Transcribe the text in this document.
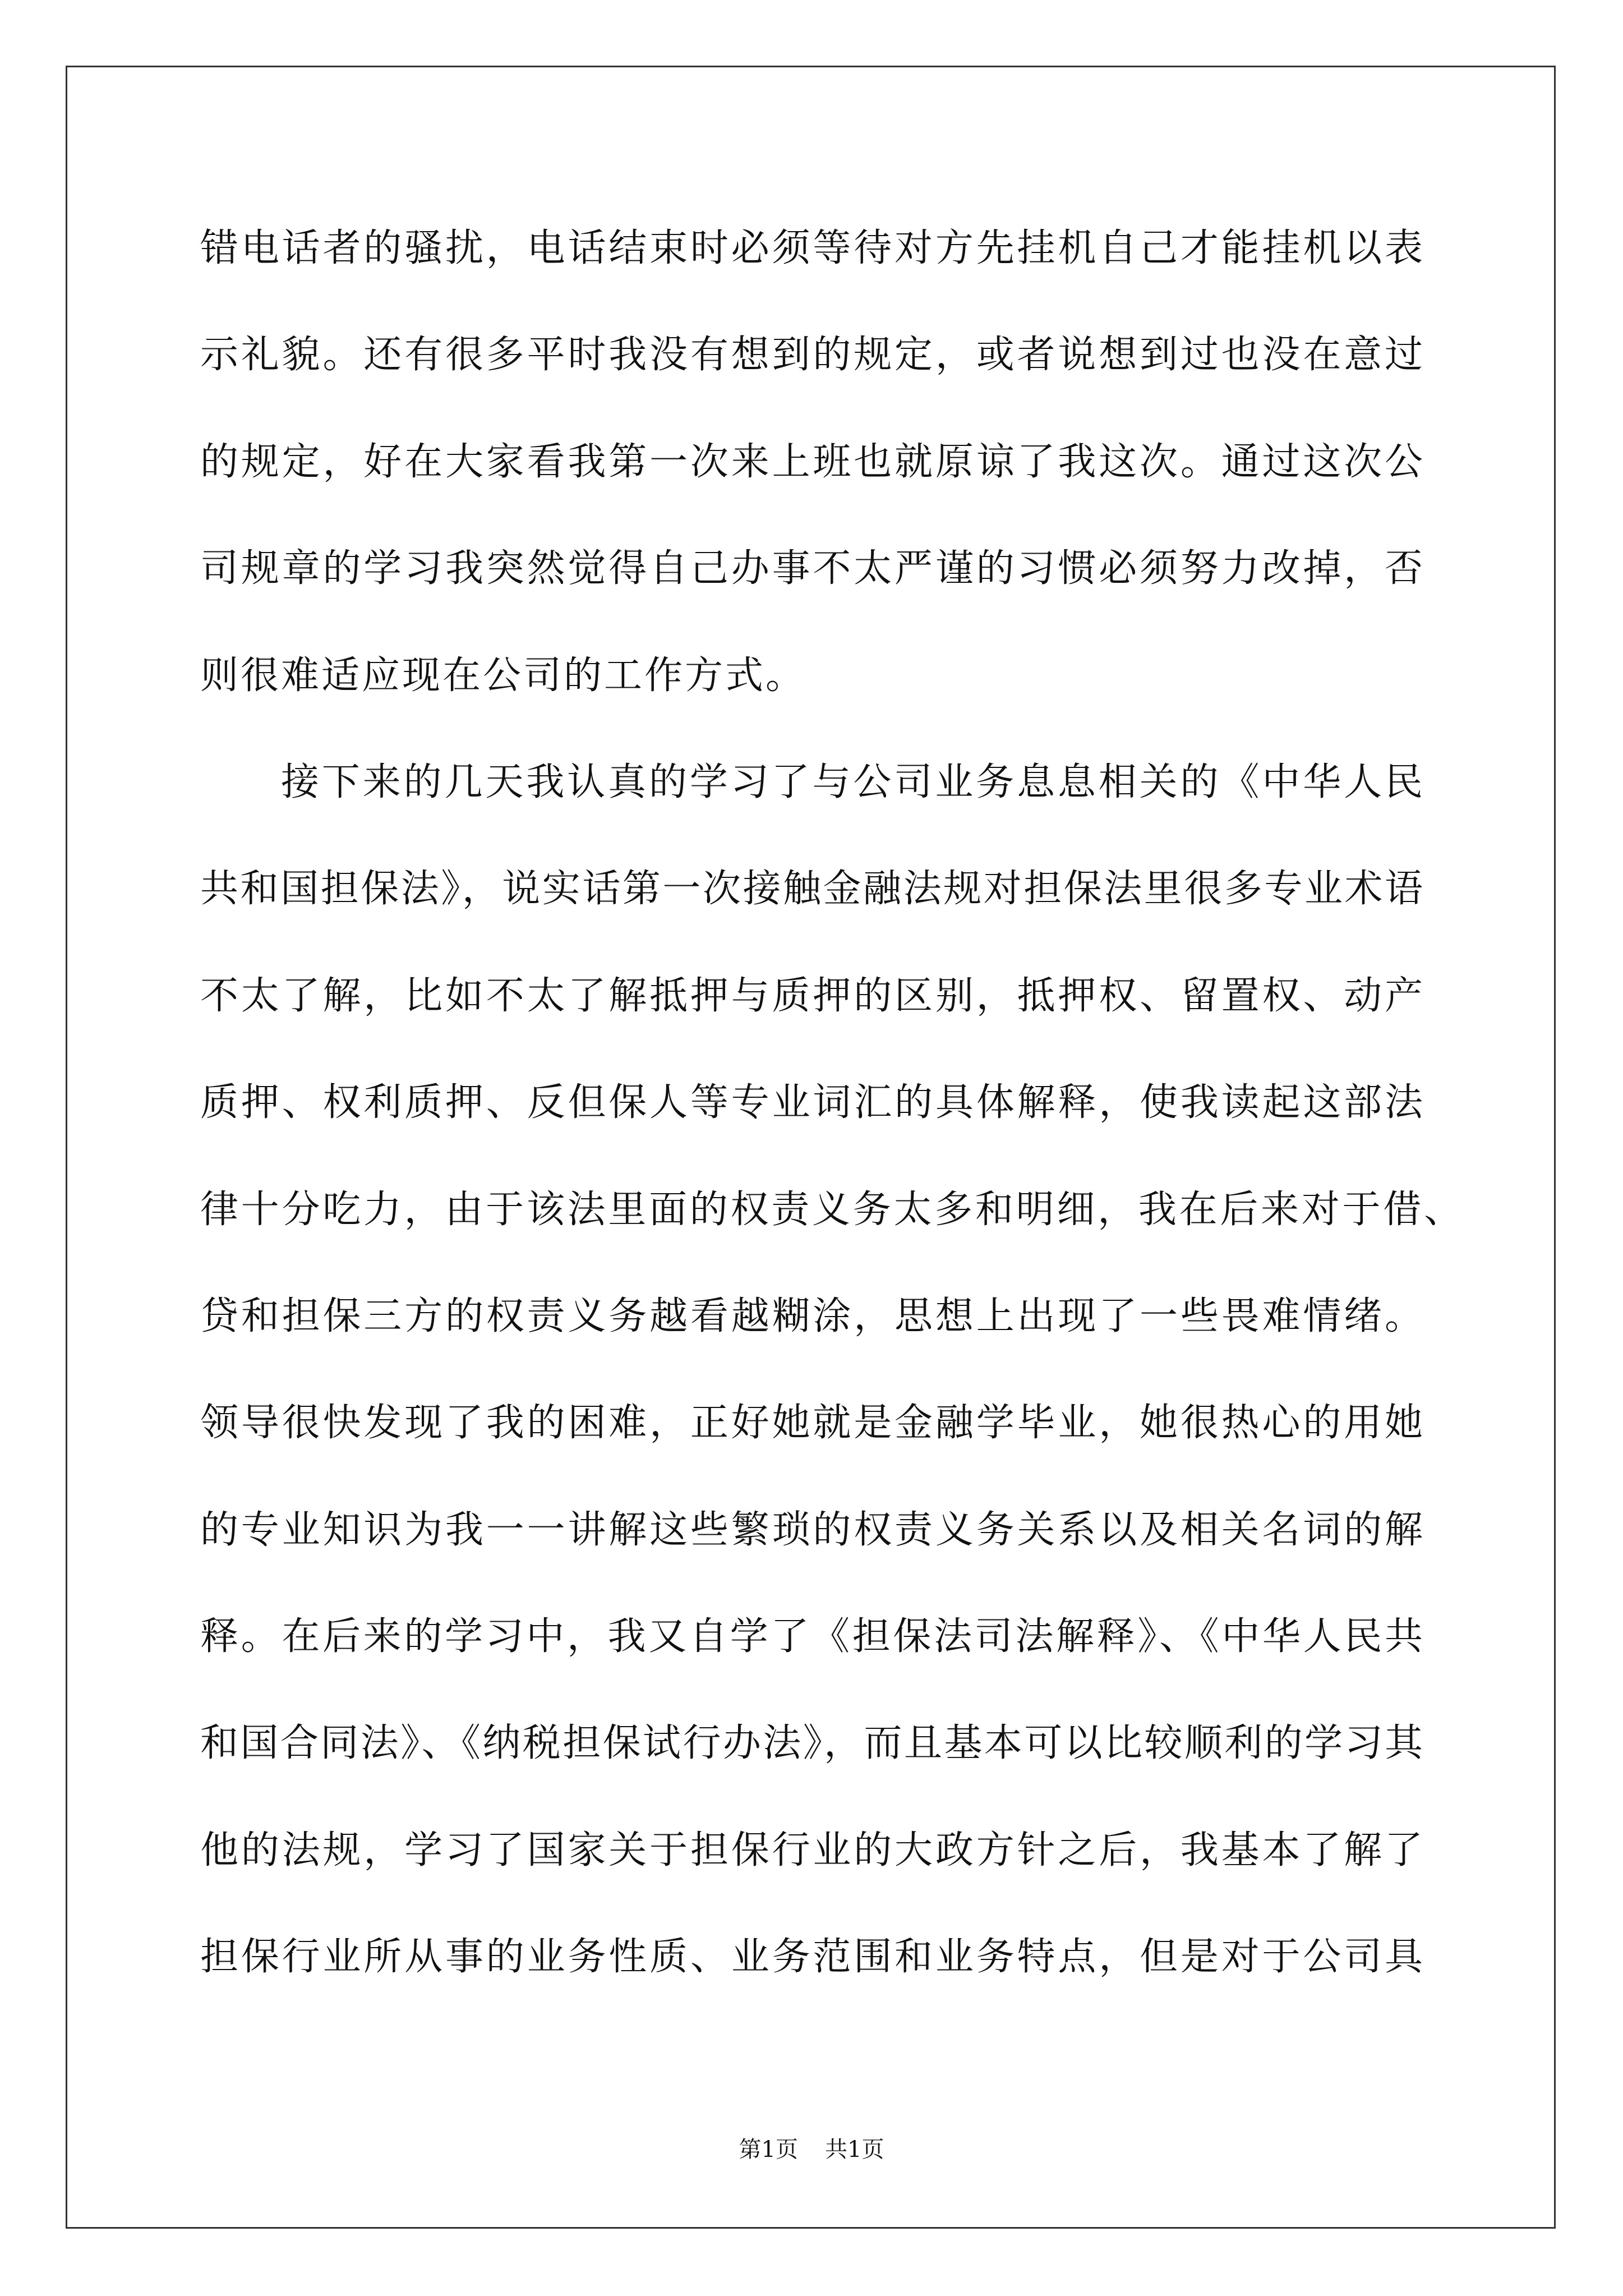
错电话者的骚扰，电话结束时必须等待对方先挂机自己才能挂机以表
示礼貌。还有很多平时我没有想到的规定，或者说想到过也没在意过
的规定，好在大家看我第一次来上班也就原谅了我这次。通过这次公
司规章的学习我突然觉得自己办事不太严谨的习惯必须努力改掉，否
则很难适应现在公司的工作方式。
接下来的几天我认真的学习了与公司业务息息相关的《中华人民
共和国担保法》，说实话第一次接触金融法规对担保法里很多专业术语
不太了解，比如不太了解抵押与质押的区别，抵押权、留置权、动产
质押、权利质押、反但保人等专业词汇的具体解释，使我读起这部法
律十分吃力，由于该法里面的权责义务太多和明细，我在后来对于借、
贷和担保三方的权责义务越看越糊涂，思想上出现了一些畏难情绪。
领导很快发现了我的困难，正好她就是金融学毕业，她很热心的用她
的专业知识为我一一讲解这些繁琐的权责义务关系以及相关名词的解
释。在后来的学习中，我又自学了《担保法司法解释》、《中华人民共
和国合同法》、《纳税担保试行办法》，而且基本可以比较顺利的学习其
他的法规，学习了国家关于担保行业的大政方针之后，我基本了解了
担保行业所从事的业务性质、业务范围和业务特点，但是对于公司具
第1页 共1页
